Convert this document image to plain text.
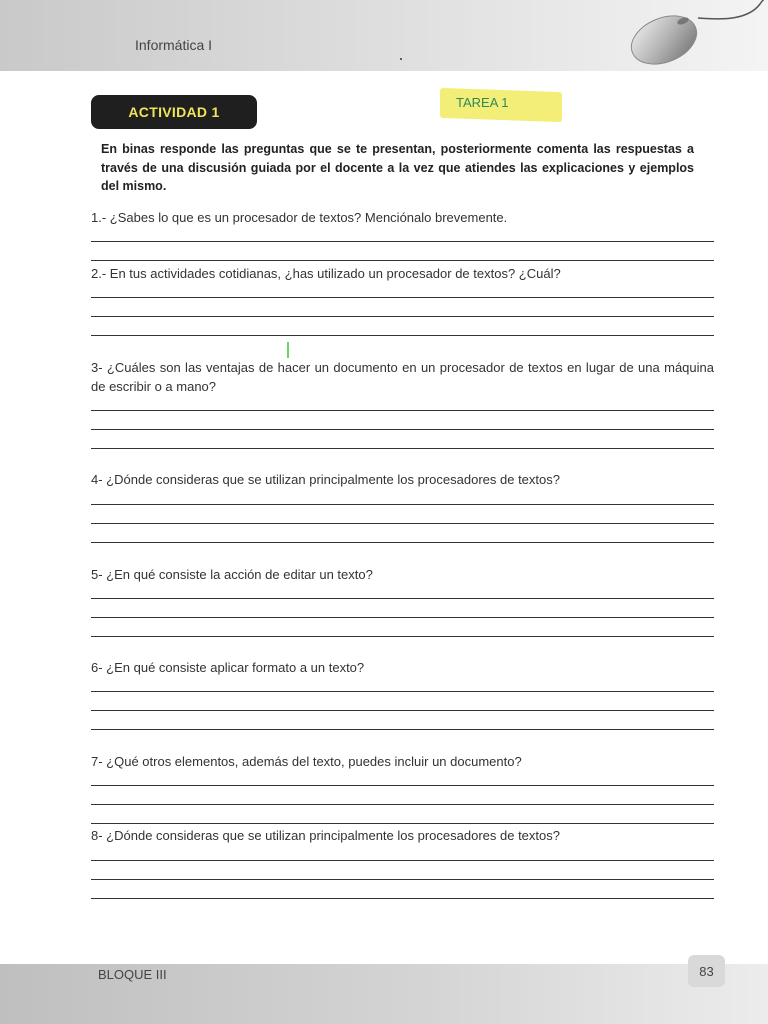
Informática I
ACTIVIDAD 1
TAREA 1
En binas responde las preguntas que se te presentan, posteriormente comenta las respuestas a través de una discusión guiada por el docente a la vez que atiendes las explicaciones y ejemplos del mismo.
1.- ¿Sabes lo que es un procesador de textos? Menciónalo brevemente.
2.- En tus actividades cotidianas, ¿has utilizado un procesador de textos? ¿Cuál?
3- ¿Cuáles son las ventajas de hacer un documento en un procesador de textos en lugar de una máquina de escribir o a mano?
4- ¿Dónde consideras que se utilizan principalmente los procesadores de textos?
5- ¿En qué consiste la acción de editar un texto?
6- ¿En qué consiste aplicar formato a un texto?
7- ¿Qué otros elementos, además del texto, puedes incluir un documento?
8- ¿Dónde consideras que se utilizan principalmente los procesadores de textos?
BLOQUE III	83
